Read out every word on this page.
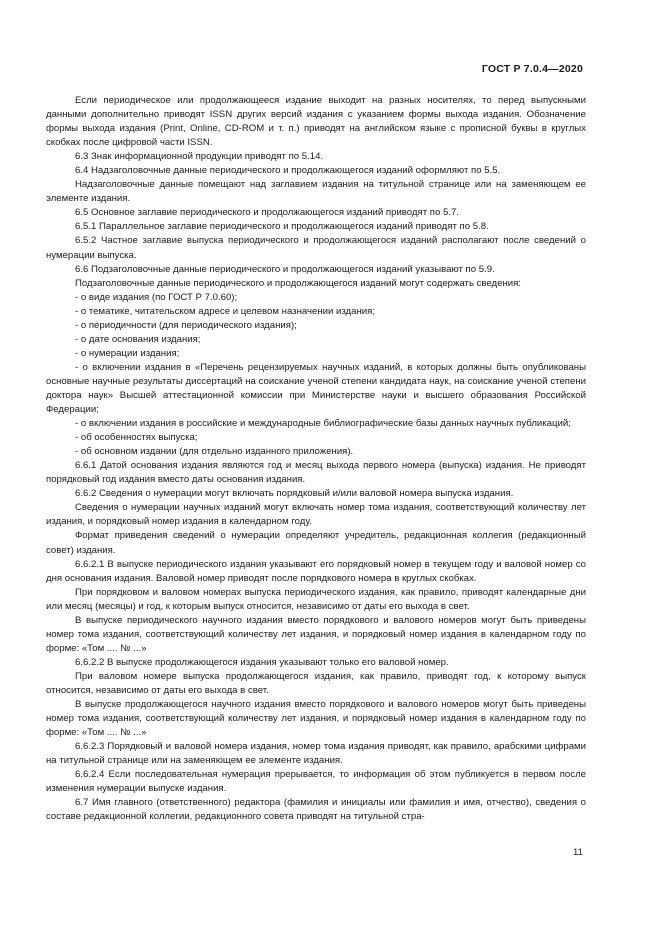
ГОСТ Р 7.0.4—2020

Если периодическое или продолжающееся издание выходит на разных носителях, то перед выпускными данными дополнительно приводят ISSN других версий издания с указанием формы выхода издания. Обозначение формы выхода издания (Print, Online, CD-ROM и т. п.) приводят на английском языке с прописной буквы в круглых скобках после цифровой части ISSN.

6.3 Знак информационной продукции приводят по 5.14.

6.4 Надзаголовочные данные периодического и продолжающегося изданий оформляют по 5.5.

Надзаголовочные данные помещают над заглавием издания на титульной странице или на заменяющем ее элементе издания.

6.5 Основное заглавие периодического и продолжающегося изданий приводят по 5.7.

6.5.1 Параллельное заглавие периодического и продолжающегося изданий приводят по 5.8.

6.5.2 Частное заглавие выпуска периодического и продолжающегося изданий располагают после сведений о нумерации выпуска.

6.6 Подзаголовочные данные периодического и продолжающегося изданий указывают по 5.9.

Подзаголовочные данные периодического и продолжающегося изданий могут содержать сведения:

- о виде издания (по ГОСТ Р 7.0.60);

- о тематике, читательском адресе и целевом назначении издания;

- о периодичности (для периодического издания);

- о дате основания издания;

- о нумерации издания;

- о включении издания в «Перечень рецензируемых научных изданий, в которых должны быть опубликованы основные научные результаты диссертаций на соискание ученой степени кандидата наук, на соискание ученой степени доктора наук» Высшей аттестационной комиссии при Министерстве науки и высшего образования Российской Федерации;

- о включении издания в российские и международные библиографические базы данных научных публикаций;

- об особенностях выпуска;

- об основном издании (для отдельно изданного приложения).

6.6.1 Датой основания издания являются год и месяц выхода первого номера (выпуска) издания. Не приводят порядковый год издания вместо даты основания издания.

6.6.2 Сведения о нумерации могут включать порядковый и/или валовой номера выпуска издания.

Сведения о нумерации научных изданий могут включать номер тома издания, соответствующий количеству лет издания, и порядковый номер издания в календарном году.

Формат приведения сведений о нумерации определяют учредитель, редакционная коллегия (редакционный совет) издания.

6.6.2.1 В выпуске периодического издания указывают его порядковый номер в текущем году и валовой номер со дня основания издания. Валовой номер приводят после порядкового номера в круглых скобках.

При порядковом и валовом номерах выпуска периодического издания, как правило, приводят календарные дни или месяц (месяцы) и год, к которым выпуск относится, независимо от даты его выхода в свет.

В выпуске периодического научного издания вместо порядкового и валового номеров могут быть приведены номер тома издания, соответствующий количеству лет издания, и порядковый номер издания в календарном году по форме: «Том .... № ...»

6.6.2.2 В выпуске продолжающегося издания указывают только его валовой номер.

При валовом номере выпуска продолжающегося издания, как правило, приводят год, к которому выпуск относится, независимо от даты его выхода в свет.

В выпуске продолжающегося научного издания вместо порядкового и валового номеров могут быть приведены номер тома издания, соответствующий количеству лет издания, и порядковый номер издания в календарном году по форме: «Том .... № ...»

6.6.2.3 Порядковый и валовой номера издания, номер тома издания приводят, как правило, арабскими цифрами на титульной странице или на заменяющем ее элементе издания.

6.6.2.4 Если последовательная нумерация прерывается, то информация об этом публикуется в первом после изменения нумерации выпуске издания.

6.7 Имя главного (ответственного) редактора (фамилия и инициалы или фамилия и имя, отчество), сведения о составе редакционной коллегии, редакционного совета приводят на титульной стра-

11
